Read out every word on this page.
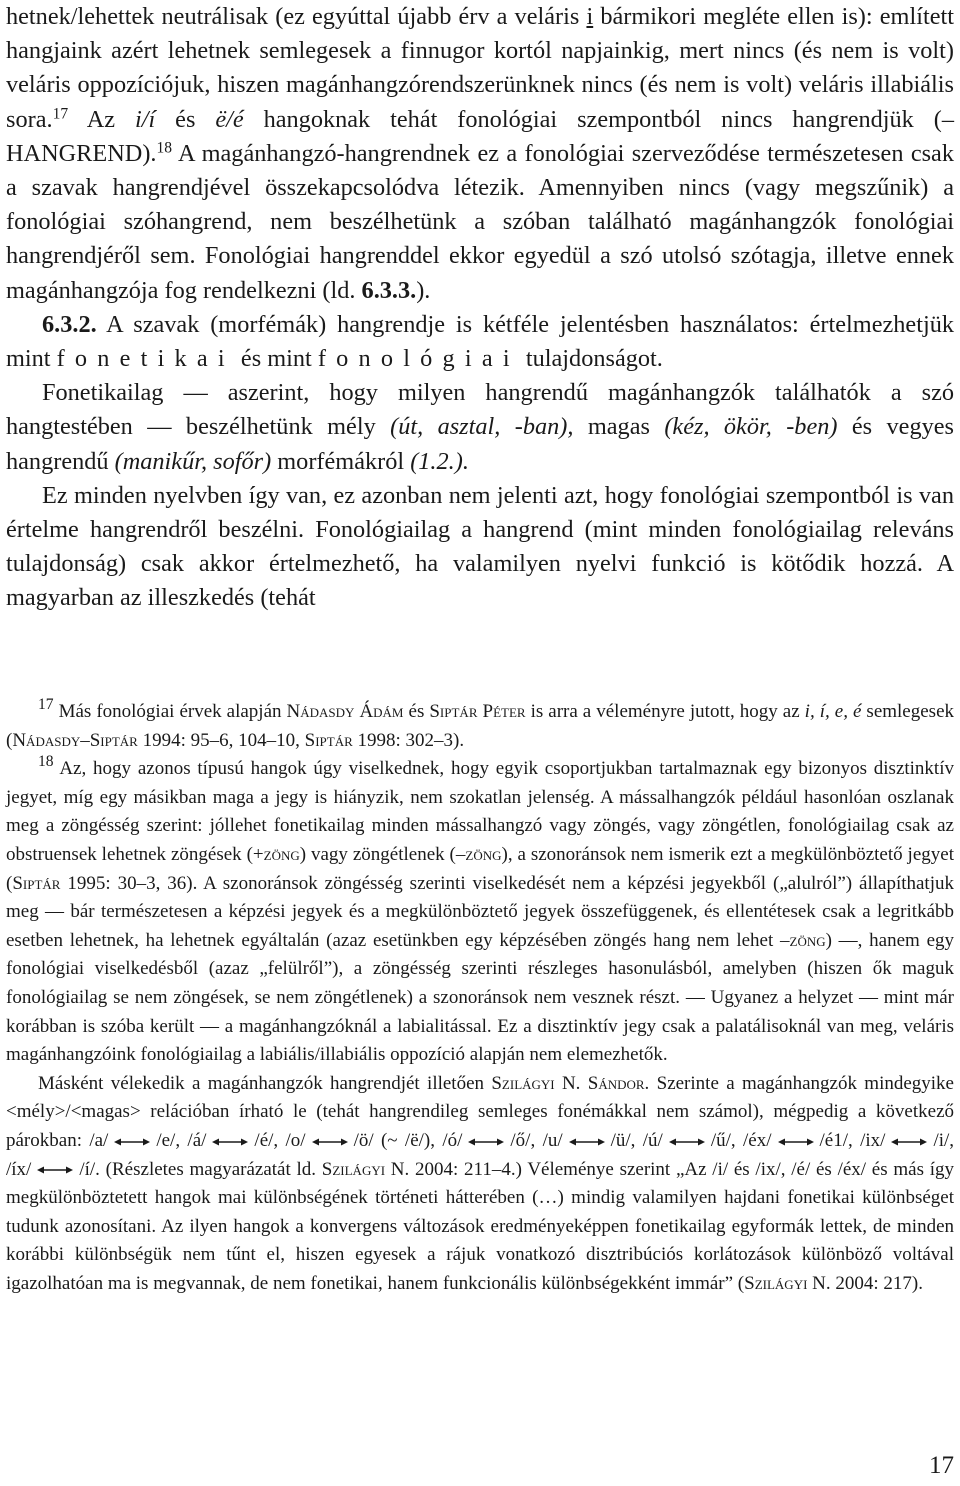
hetnek/lehettek neutrálisak (ez egyúttal újabb érv a veláris i bármikori megléte ellen is): említett hangjaink azért lehetnek semlegesek a finnugor kortól napjainkig, mert nincs (és nem is volt) veláris oppozíciójuk, hiszen magánhangzórendszerünknek nincs (és nem is volt) veláris illabiális sora.$^{17}$ Az i/í és ë/é hangoknak tehát fonológiai szempontból nincs hangrendjük (–HANGREND).$^{18}$ A magánhangzó-hangrendnek ez a fonológiai szerveződése természetesen csak a szavak hangrendjével összekapcsolódva létezik. Amennyiben nincs (vagy megszűnik) a fonológiai szóhangrend, nem beszélhetünk a szóban található magánhangzók fonológiai hangrendjéről sem. Fonológiai hangrenddel ekkor egyedül a szó utolsó szótagja, illetve ennek magánhangzója fog rendelkezni (ld. 6.3.3.).

6.3.2. A szavak (morfémák) hangrendje is kétféle jelentésben használatos: értelmezhetjük mint fonetikai és mint fonológiai tulajdonságot.

Fonetikailag — aszerint, hogy milyen hangrendű magánhangzók találhatók a szó hangtestében — beszélhetünk mély (út, asztal, -ban), magas (kéz, ökör, -ben) és vegyes hangrendű (manikűr, sofőr) morfémákról (1.2.).

Ez minden nyelvben így van, ez azonban nem jelenti azt, hogy fonológiai szempontból is van értelme hangrendről beszélni. Fonológiailag a hangrend (mint minden fonológiailag releváns tulajdonság) csak akkor értelmezhető, ha valamilyen nyelvi funkció is kötődik hozzá. A magyarban az illeszkedés (tehát

$^{17}$ Más fonológiai érvek alapján Nádasdy Ádám és Siptár Péter is arra a véleményre jutott, hogy az i, í, e, é semlegesek (Nádasdy–Siptár 1994: 95–6, 104–10, Siptár 1998: 302–3).

$^{18}$ Az, hogy azonos típusú hangok úgy viselkednek, hogy egyik csoportjukban tartalmaznak egy bizonyos disztinktív jegyet, míg egy másikban maga a jegy is hiányzik, nem szokatlan jelenség. A mássalhangzók például hasonlóan oszlanak meg a zöngésség szerint: jóllehet fonetikailag minden mássalhangzó vagy zöngés, vagy zöngétlen, fonológiailag csak az obstruensek lehetnek zöngések (+zöng) vagy zöngétlenek (–zöng), a szonoránsok nem ismerik ezt a megkülönböztető jegyet (Siptár 1995: 30–3, 36). A szonoránsok zöngésség szerinti viselkedését nem a képzési jegyekből („alulról”) állapíthatjuk meg — bár természetesen a képzési jegyek és a megkülönböztető jegyek összefüggenek, és ellentétesek csak a legritkább esetben lehetnek, ha lehetnek egyáltalán (azaz esetünkben egy képzésében zöngés hang nem lehet –zöng) —, hanem egy fonológiai viselkedésből (azaz „felülről”), a zöngésség szerinti részleges hasonulásból, amelyben (hiszen ők maguk fonológiailag se nem zöngések, se nem zöngétlenek) a szonoránsok nem vesznek részt. — Ugyanez a helyzet — mint már korábban is szóba került — a magánhangzóknál a labialitással. Ez a disztinktív jegy csak a palatálisoknál van meg, veláris magánhangzóink fonológiailag a labiális/illabiális oppozíció alapján nem elemezhetők.

Másként vélekedik a magánhangzók hangrendjét illetően Szilágyi N. Sándor. Szerinte a magánhangzók mindegyike <mély>/<magas> relációban írható le (tehát hangrendileg semleges fonémákkal nem számol), mégpedig a következő párokban: /a/	/e/, /á/	/é/, /o/	/ö/ (~ /ë/), /ó/	/ő/, /u/	/ü/, /ú/	/ű/, /éx/	/é1/, /ix/	/i/, /íx/	/í/. (Részletes magyarázatát ld. Szilágyi N. 2004: 211–4.) Véleménye szerint „Az /i/ és /ix/, /é/ és /éx/ és más így megkülönböztetett hangok mai különbségének történeti hátterében (…) mindig valamilyen hajdani fonetikai különbséget tudunk azonosítani. Az ilyen hangok a konvergens változások eredményeképpen fonetikailag egyformák lettek, de minden korábbi különbségük nem tűnt el, hiszen egyesek a rájuk vonatkozó disztribúciós korlátozások különböző voltával igazolhatóan ma is megvannak, de nem fonetikai, hanem funkcionális különbségekként immár” (Szilágyi N. 2004: 217).

17
